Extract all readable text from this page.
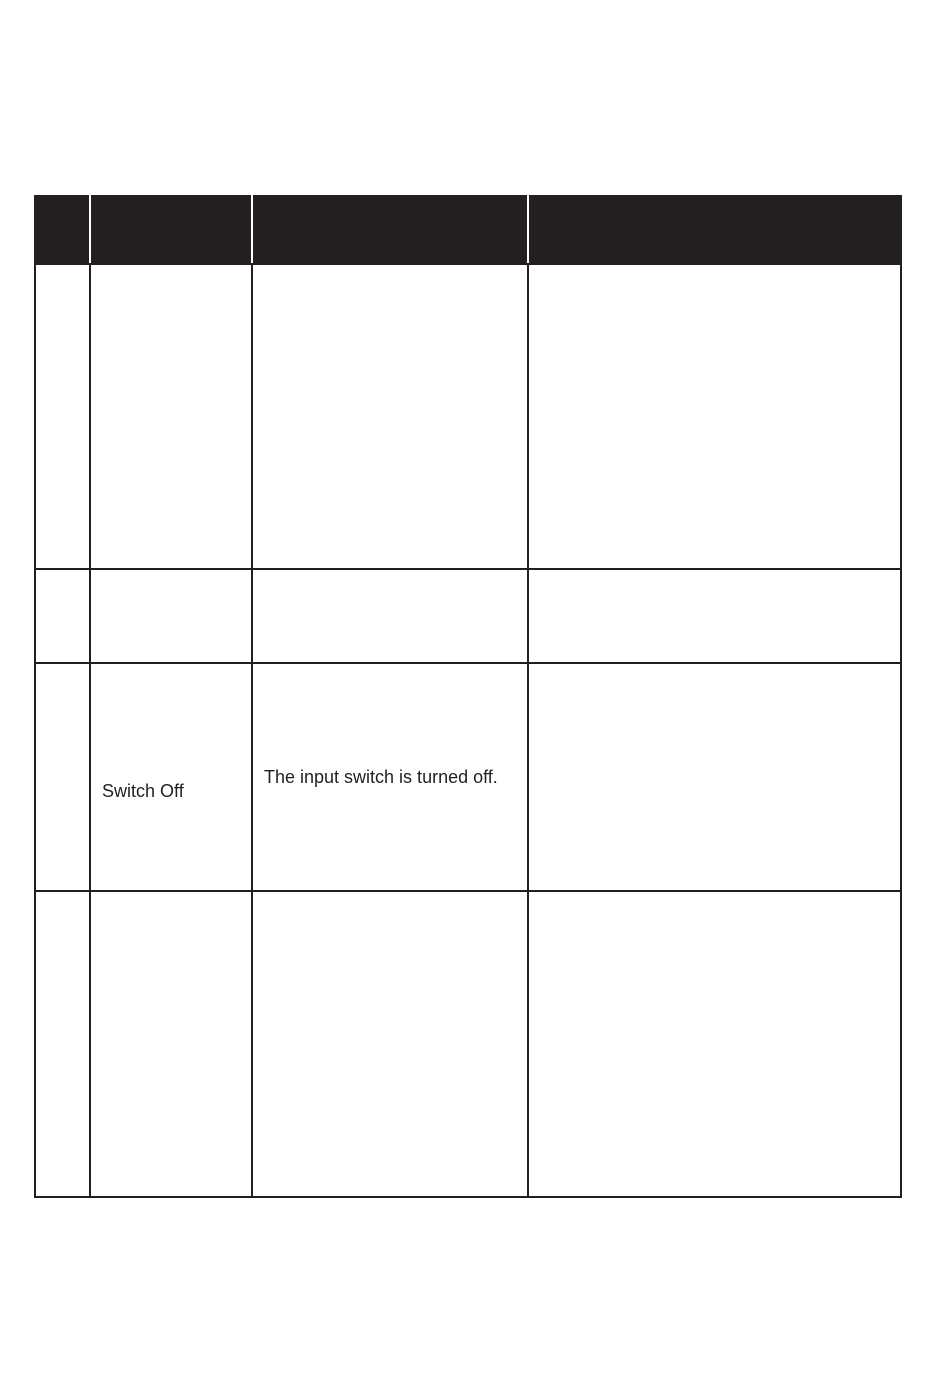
	Switch Off	The input switch is turned off.	
